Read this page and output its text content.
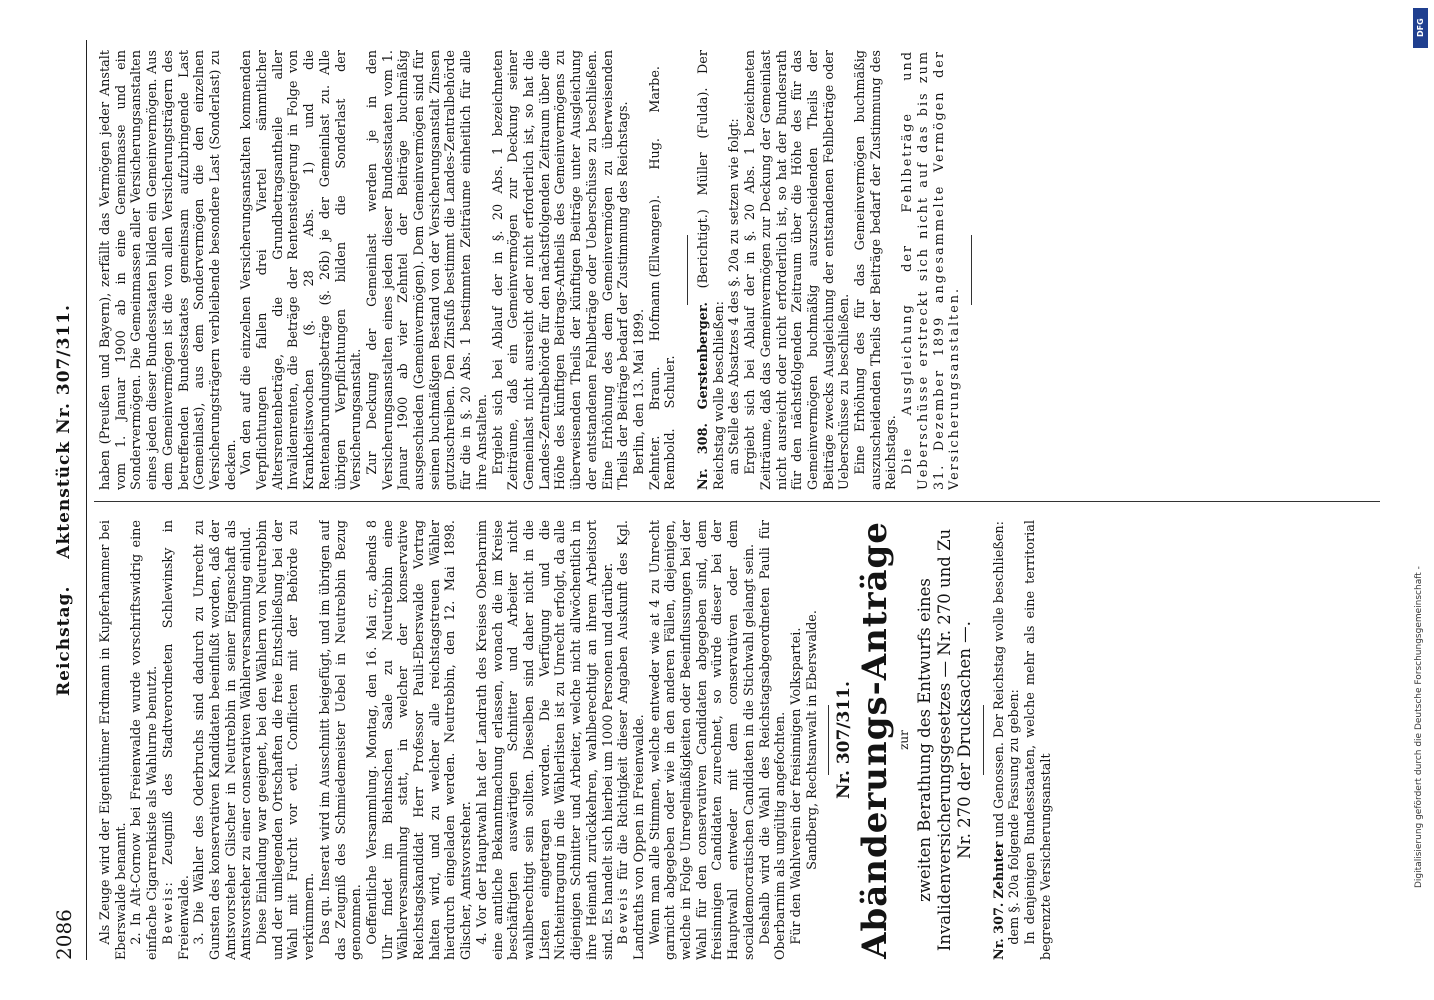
2086
Reichstag. Aktenstück Nr. 307/311.

Als Zeuge wird der Eigenthümer Erdmann in Kupferhammer bei Eberswalde benannt. 2. In Alt-Cornow bei Freienwalde wurde vorschriftswidrig eine einfache Cigarrenkiste als Wahlurne benutzt. Beweis: Zeugniß des Stadtverordneten Schlewinsky in Freienwalde. 3. Die Wähler des Oderbruchs sind dadurch zu Unrecht zu Gunsten des konservativen Kandidaten beeinflußt worden, daß der Amtsvorsteher Glischer in Neutrebbin in seiner Eigenschaft als Amtsvorsteher zu einer conservativen Wählerversammlung einlud. Diese Einladung war geeignet, bei den Wählern von Neutrebbin und der umliegenden Ortschaften die freie Entschließung bei der Wahl mit Furcht vor evtl. Conflicten mit der Behörde zu verkümmern. Das qu. Inserat wird im Ausschnitt beigefügt, und im übrigen auf das Zeugniß des Schmiedemeister Uebel in Neutrebbin Bezug genommen. Oeffentliche Versammlung. Montag, den 16. Mai cr., abends 8 Uhr findet im Biehnschen Saale zu Neutrebbin eine Wählerversammlung statt, in welcher der konservative Reichstagskandidat Herr Professor Pauli-Eberswalde Vortrag halten wird, und zu welcher alle reichstagstreuen Wähler hierdurch eingeladen werden. Neutrebbin, den 12. Mai 1898. Glischer, Amtsvorsteher. 4. Vor der Hauptwahl hat der Landrath des Kreises Oberbarnim eine amtliche Bekanntmachung erlassen, wonach die im Kreise beschäftigten auswärtigen Schnitter und Arbeiter nicht wahlberechtigt sein sollten. Dieselben sind daher nicht in die Listen eingetragen worden. Die Verfügung und die Nichteintragung in die Wählerlisten ist zu Unrecht erfolgt, da alle diejenigen Schnitter und Arbeiter, welche nicht allwöchentlich in ihre Heimath zurückkehren, wahlberechtigt an ihrem Arbeitsort sind. Es handelt sich hierbei um 1000 Personen und darüber. Beweis für die Richtigkeit dieser Angaben Auskunft des Kgl. Landraths von Oppen in Freienwalde. Wenn man alle Stimmen, welche entweder wie at 4 zu Unrecht garnicht abgegeben oder wie in den anderen Fällen, diejenigen, welche in Folge Unregelmäßigkeiten oder Beeinflussungen bei der Wahl für den conservativen Candidaten abgegeben sind, dem freisinnigen Candidaten zurechnet, so würde dieser bei der Hauptwahl entweder mit dem conservativen oder dem socialdemocratischen Candidaten in die Stichwahl gelangt sein. Deshalb wird die Wahl des Reichstagsabgeordneten Pauli für Oberbarnim als ungültig angefochten. Für den Wahlverein der freisinnigen Volkspartei. Sandberg, Rechtsanwalt in Eberswalde. Nr. 307/311. Abänderungs-Anträge zur zweiten Berathung des Entwurfs eines Invalidenversicherungsgesetzes — Nr. 270 und Zu Nr. 270 der Drucksachen —.

Nr. 307. Zehnter und Genossen. Der Reichstag wolle beschließen: dem §. 20a folgende Fassung zu geben: In denjenigen Bundesstaaten, welche mehr als eine territorial begrenzte Versicherungsanstalt

haben (Preußen und Bayern), zerfällt das Vermögen jeder Anstalt vom 1. Januar 1900 ab in eine Gemeinmasse und ein Sondervermögen. Die Gemeinmassen aller Versicherungsanstalten eines jeden dieser Bundesstaaten bilden ein Gemeinvermögen. Aus dem Gemeinvermögen ist die von allen Versicherungsträgern des betreffenden Bundesstaates gemeinsam aufzubringende Last (Gemeinlast), aus dem Sondervermögen die den einzelnen Versicherungsträgern verbleibende besondere Last (Sonderlast) zu decken. Von den auf die einzelnen Versicherungsanstalten kommenden Verpflichtungen fallen drei Viertel sämmtlicher Altersrentenbeträge, die Grundbetragsantheile aller Invalidenrenten, die Beträge der Rentensteigerung in Folge von Krankheitswochen (§. 28 Abs. 1) und die Rentenabrundungsbeträge (§. 26b) je der Gemeinlast zu. Alle übrigen Verpflichtungen bilden die Sonderlast der Versicherungsanstalt. Zur Deckung der Gemeinlast werden je in den Versicherungsanstalten eines jeden dieser Bundesstaaten vom 1. Januar 1900 ab vier Zehntel der Beiträge buchmäßig ausgeschieden (Gemeinvermögen). Dem Gemeinvermögen sind für seinen buchmäßigen Bestand von der Versicherungsanstalt Zinsen gutzuschreiben. Den Zinsfuß bestimmt die Landes-Zentralbehörde für die in §. 20 Abs. 1 bestimmten Zeiträume einheitlich für alle ihre Anstalten. Ergiebt sich bei Ablauf der in §. 20 Abs. 1 bezeichneten Zeiträume, daß ein Gemeinvermögen zur Deckung seiner Gemeinlast nicht ausreicht oder nicht erforderlich ist, so hat die Landes-Zentralbehörde für den nächstfolgenden Zeitraum über die Höhe des künftigen Beitrags-Antheils des Gemeinvermögens zu überweisenden Theils der künftigen Beiträge unter Ausgleichung der entstandenen Fehlbeträge oder Ueberschüsse zu beschließen. Eine Erhöhung des dem Gemeinvermögen zu überweisenden Theils der Beiträge bedarf der Zustimmung des Reichstags. Berlin, den 13. Mai 1899. Zehnter. Braun. Hofmann (Ellwangen). Hug. Marbe. Rembold. Schuler.

Nr. 308. Gerstenberger. (Berichtigt.) Müller (Fulda). Der Reichstag wolle beschließen: an Stelle des Absatzes 4 des §. 20a zu setzen wie folgt: Ergiebt sich bei Ablauf der in §. 20 Abs. 1 bezeichneten Zeiträume, daß das Gemeinvermögen zur Deckung der Gemeinlast nicht ausreicht oder nicht erforderlich ist, so hat der Bundesrath für den nächstfolgenden Zeitraum über die Höhe des für das Gemeinvermögen buchmäßig auszuscheidenden Theils der Beiträge zwecks Ausgleichung der entstandenen Fehlbeträge oder Ueberschüsse zu beschließen. Eine Erhöhung des für das Gemeinvermögen buchmäßig auszuscheidenden Theils der Beiträge bedarf der Zustimmung des Reichstags. Die Ausgleichung der Fehlbeträge und Ueberschüsse erstreckt sich nicht auf das bis zum 31. Dezember 1899 angesammelte Vermögen der Versicherungsanstalten.

DFG
Digitalisierung gefördert durch die Deutsche Forschungsgemeinschaft -
